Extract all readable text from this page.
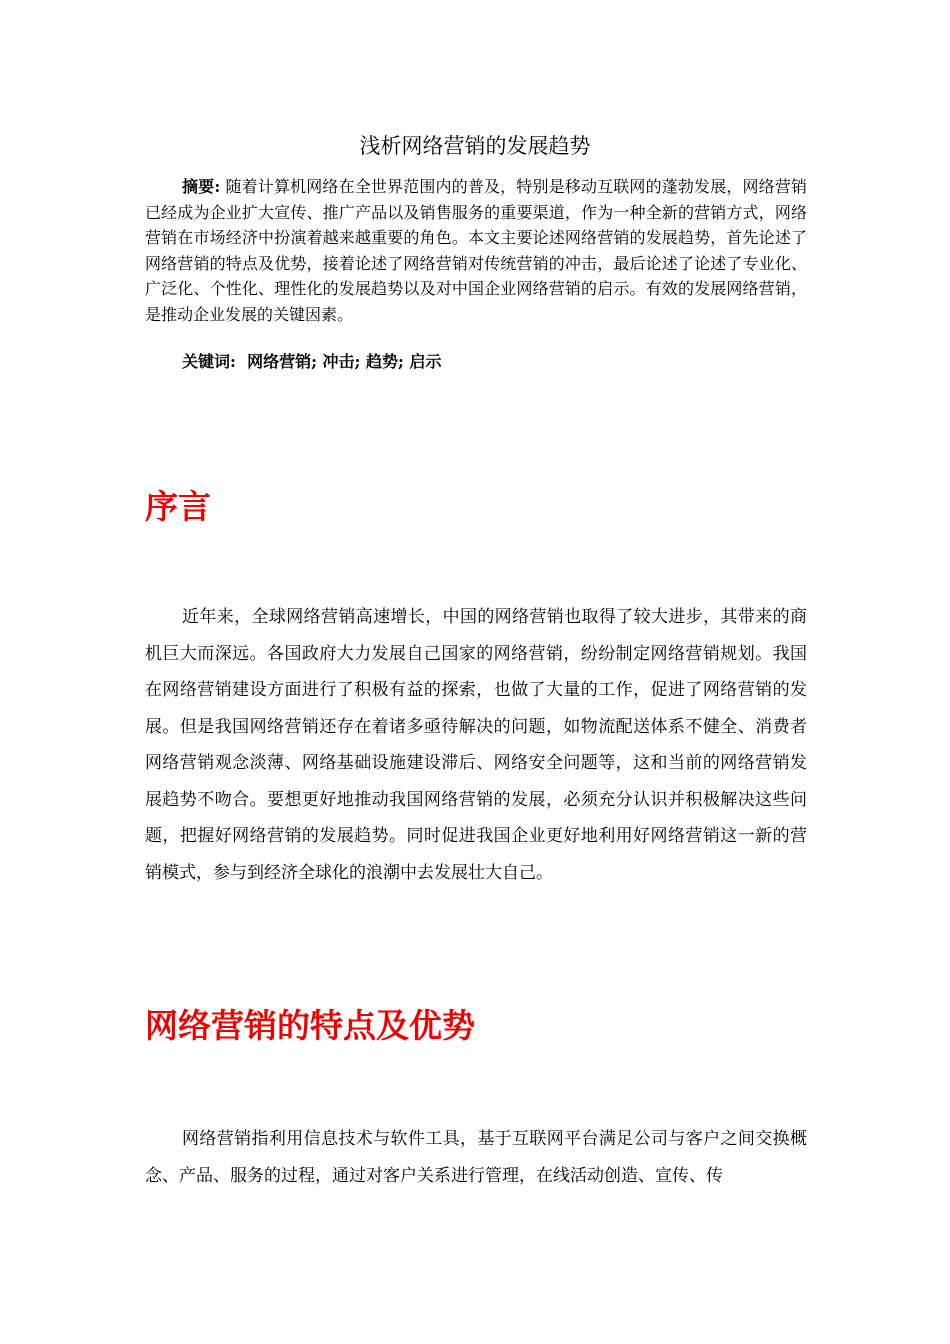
浅析网络营销的发展趋势

摘要: 随着计算机网络在全世界范围内的普及，特别是移动互联网的蓬勃发展，网络营销已经成为企业扩大宣传、推广产品以及销售服务的重要渠道，作为一种全新的营销方式，网络营销在市场经济中扮演着越来越重要的角色。本文主要论述网络营销的发展趋势，首先论述了网络营销的特点及优势，接着论述了网络营销对传统营销的冲击，最后论述了论述了专业化、广泛化、个性化、理性化的发展趋势以及对中国企业网络营销的启示。有效的发展网络营销，是推动企业发展的关键因素。

关键词: 网络营销; 冲击; 趋势; 启示

序言

近年来，全球网络营销高速增长，中国的网络营销也取得了较大进步，其带来的商机巨大而深远。各国政府大力发展自己国家的网络营销，纷纷制定网络营销规划。我国在网络营销建设方面进行了积极有益的探索，也做了大量的工作，促进了网络营销的发展。但是我国网络营销还存在着诸多亟待解决的问题，如物流配送体系不健全、消费者网络营销观念淡薄、网络基础设施建设滞后、网络安全问题等，这和当前的网络营销发展趋势不吻合。要想更好地推动我国网络营销的发展，必须充分认识并积极解决这些问题，把握好网络营销的发展趋势。同时促进我国企业更好地利用好网络营销这一新的营销模式，参与到经济全球化的浪潮中去发展壮大自己。

网络营销的特点及优势

网络营销指利用信息技术与软件工具，基于互联网平台满足公司与客户之间交换概念、产品、服务的过程，通过对客户关系进行管理，在线活动创造、宣传、传
